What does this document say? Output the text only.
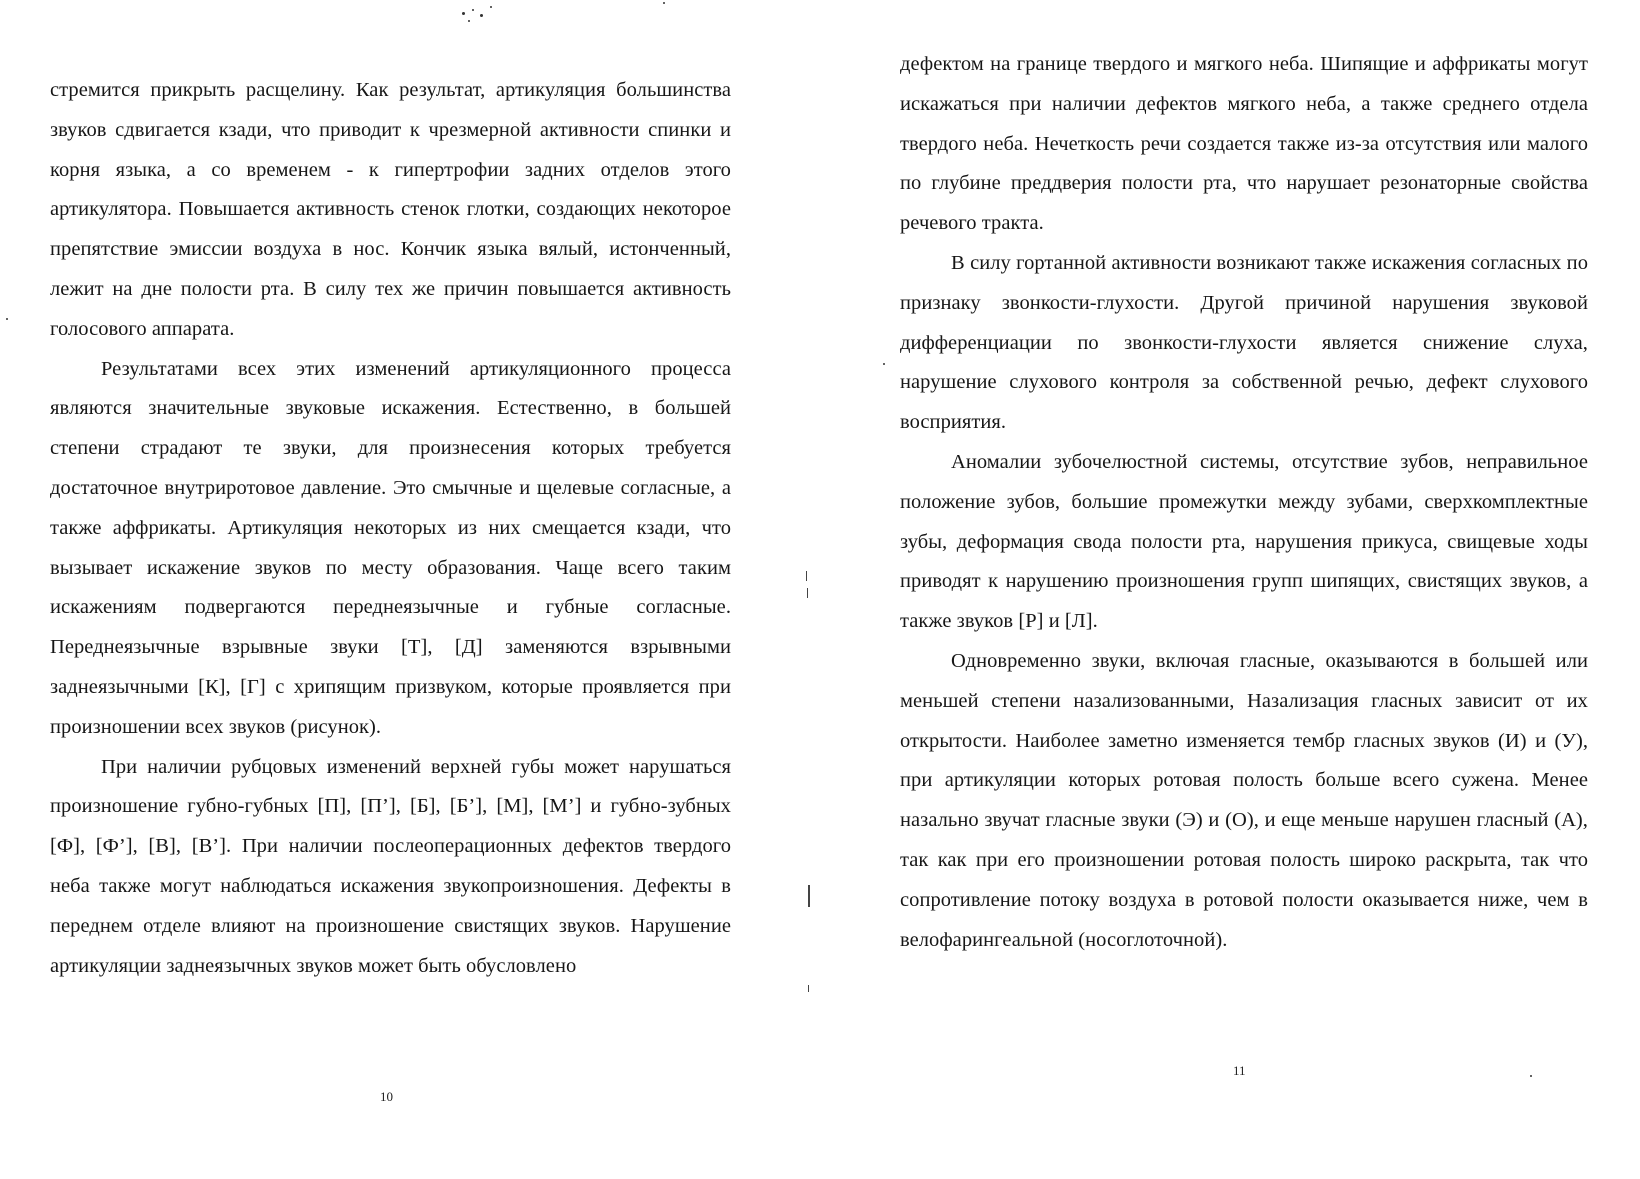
стремится прикрыть расщелину. Как результат, артикуляция большинства звуков сдвигается кзади, что приводит к чрезмерной активности спинки и корня языка, а со временем - к гипертрофии задних отделов этого артикулятора. Повышается активность стенок глотки, создающих некоторое препятствие эмиссии воздуха в нос. Кончик языка вялый, истонченный, лежит на дне полости рта. В силу тех же причин повышается активность голосового аппарата.

Результатами всех этих изменений артикуляционного процесса являются значительные звуковые искажения. Естественно, в большей степени страдают те звуки, для произнесения которых требуется достаточное внутриротовое давление. Это смычные и щелевые согласные, а также аффрикаты. Артикуляция некоторых из них смещается кзади, что вызывает искажение звуков по месту образования. Чаще всего таким искажениям подвергаются переднеязычные и губные согласные. Переднеязычные взрывные звуки [Т], [Д] заменяются взрывными заднеязычными [К], [Г] с хрипящим призвуком, которые проявляется при произношении всех звуков (рисунок).

При наличии рубцовых изменений верхней губы может нарушаться произношение губно-губных [П], [П’], [Б], [Б’], [М], [М’] и губно-зубных [Ф], [Ф’], [В], [В’]. При наличии послеоперационных дефектов твердого неба также могут наблюдаться искажения звукопроизношения. Дефекты в переднем отделе влияют на произношение свистящих звуков. Нарушение артикуляции заднеязычных звуков может быть обусловлено

10

дефектом на границе твердого и мягкого неба. Шипящие и аффрикаты могут искажаться при наличии дефектов мягкого неба, а также среднего отдела твердого неба. Нечеткость речи создается также из-за отсутствия или малого по глубине преддверия полости рта, что нарушает резонаторные свойства речевого тракта.

В силу гортанной активности возникают также искажения согласных по признаку звонкости-глухости. Другой причиной нарушения звуковой дифференциации по звонкости-глухости является снижение слуха, нарушение слухового контроля за собственной речью, дефект слухового восприятия.

Аномалии зубочелюстной системы, отсутствие зубов, неправильное положение зубов, большие промежутки между зубами, сверхкомплектные зубы, деформация свода полости рта, нарушения прикуса, свищевые ходы приводят к нарушению произношения групп шипящих, свистящих звуков, а также звуков [Р] и [Л].

Одновременно звуки, включая гласные, оказываются в большей или меньшей степени назализованными, Назализация гласных зависит от их открытости. Наиболее заметно изменяется тембр гласных звуков (И) и (У), при артикуляции которых ротовая полость больше всего сужена. Менее назально звучат гласные звуки (Э) и (О), и еще меньше нарушен гласный (А), так как при его произношении ротовая полость широко раскрыта, так что сопротивление потоку воздуха в ротовой полости оказывается ниже, чем в велофарингеальной (носоглоточной).

11
